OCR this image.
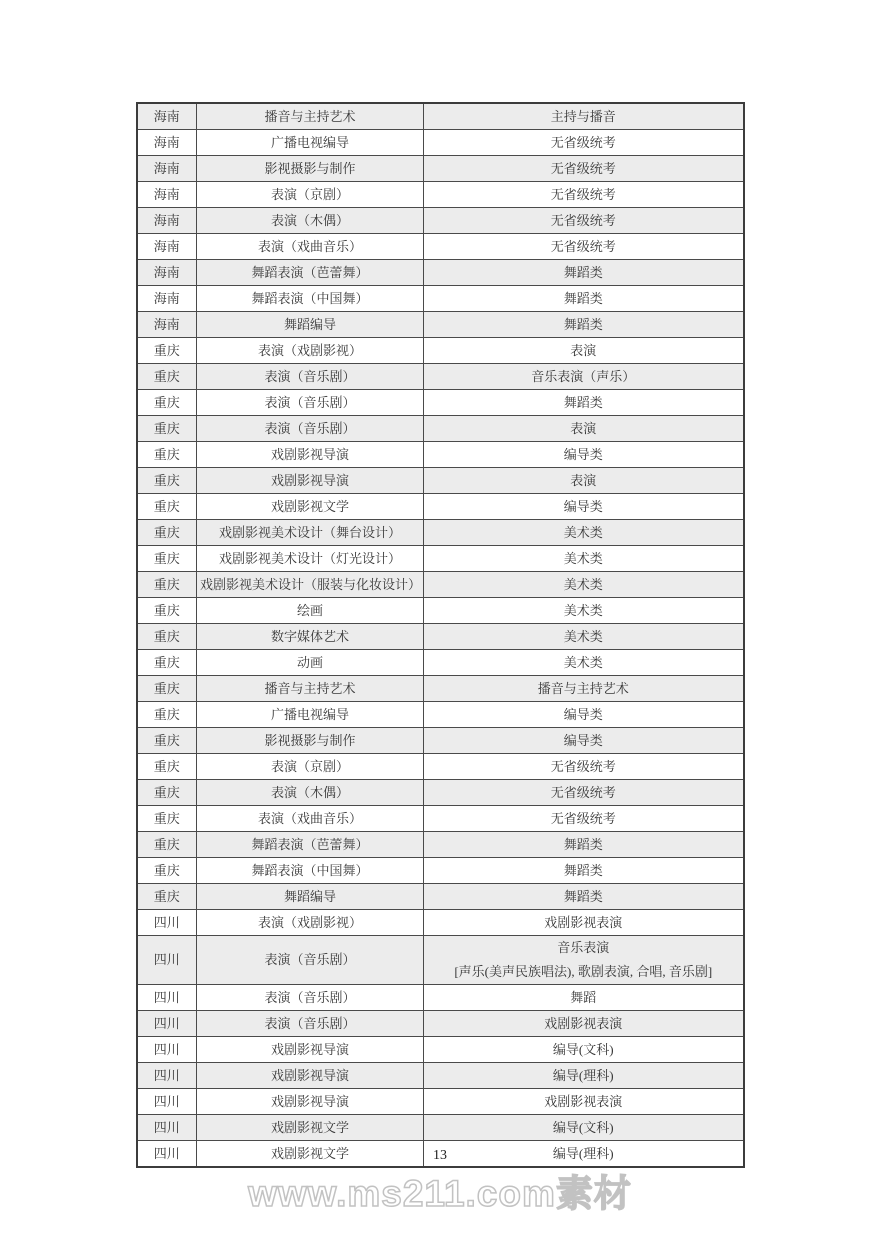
海南	播音与主持艺术	主持与播音

海南	广播电视编导	无省级统考

海南	影视摄影与制作	无省级统考

海南	表演（京剧）	无省级统考

海南	表演（木偶）	无省级统考

海南	表演（戏曲音乐）	无省级统考

海南	舞蹈表演（芭蕾舞）	舞蹈类

海南	舞蹈表演（中国舞）	舞蹈类

海南	舞蹈编导	舞蹈类

重庆	表演（戏剧影视）	表演

重庆	表演（音乐剧）	音乐表演（声乐）

重庆	表演（音乐剧）	舞蹈类

重庆	表演（音乐剧）	表演

重庆	戏剧影视导演	编导类

重庆	戏剧影视导演	表演

重庆	戏剧影视文学	编导类

重庆	戏剧影视美术设计（舞台设计）	美术类

重庆	戏剧影视美术设计（灯光设计）	美术类

重庆	戏剧影视美术设计（服装与化妆设计）	美术类

重庆	绘画	美术类

重庆	数字媒体艺术	美术类

重庆	动画	美术类

重庆	播音与主持艺术	播音与主持艺术

重庆	广播电视编导	编导类

重庆	影视摄影与制作	编导类

重庆	表演（京剧）	无省级统考

重庆	表演（木偶）	无省级统考

重庆	表演（戏曲音乐）	无省级统考

重庆	舞蹈表演（芭蕾舞）	舞蹈类

重庆	舞蹈表演（中国舞）	舞蹈类

重庆	舞蹈编导	舞蹈类

四川	表演（戏剧影视）	戏剧影视表演

四川	表演（音乐剧）	音乐表演
[声乐(美声民族唱法), 歌剧表演, 合唱, 音乐剧]

四川	表演（音乐剧）	舞蹈

四川	表演（音乐剧）	戏剧影视表演

四川	戏剧影视导演	编导(文科)

四川	戏剧影视导演	编导(理科)

四川	戏剧影视导演	戏剧影视表演

四川	戏剧影视文学	编导(文科)

四川	戏剧影视文学	编导(理科)
13
www.ms211.com素材
